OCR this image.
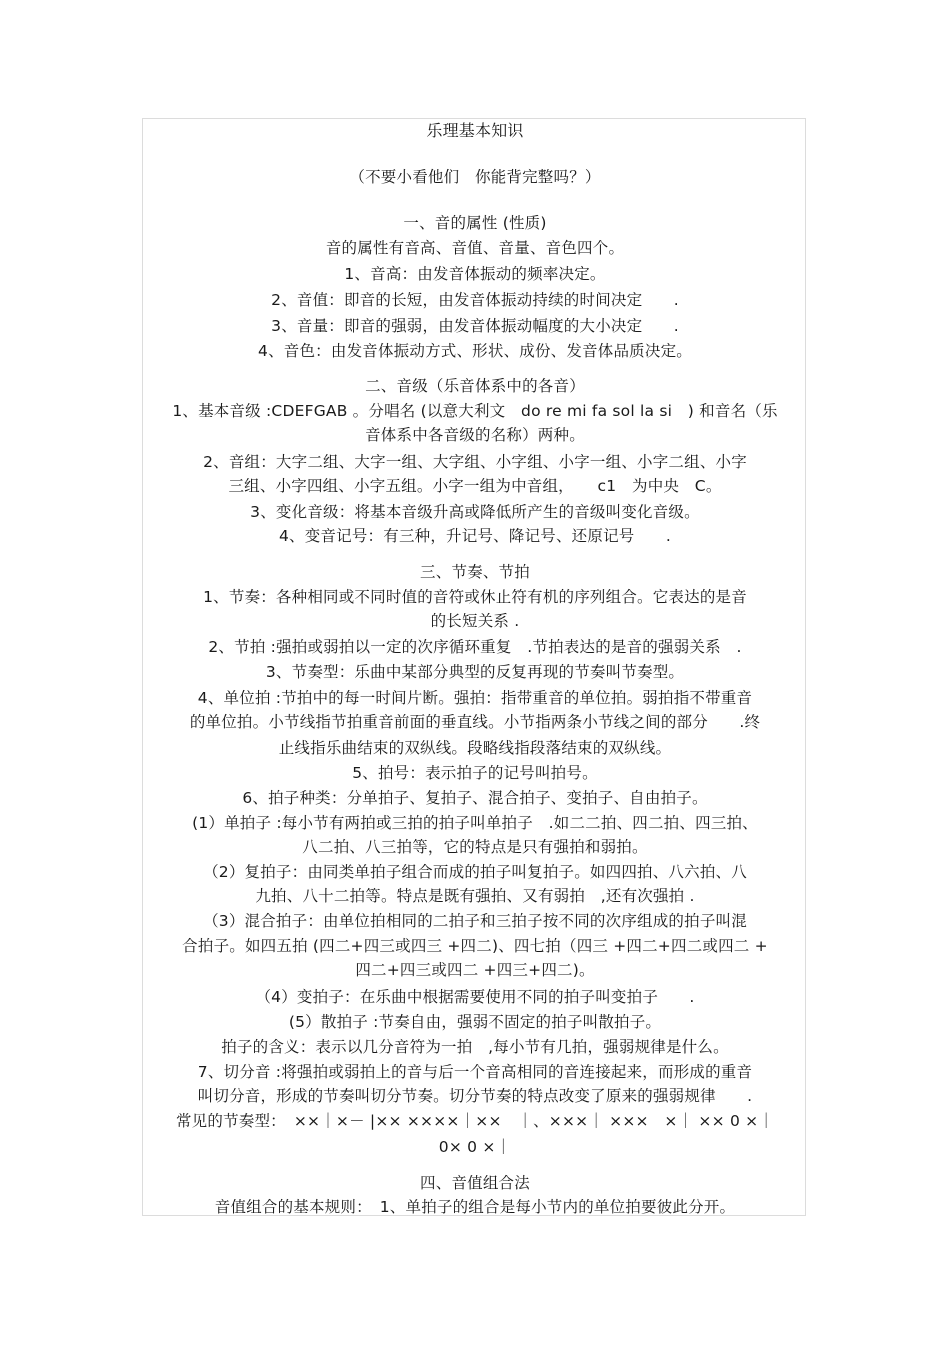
乐理基本知识
（不要小看他们　你能背完整吗？）
一、音的属性 (性质)
音的属性有音高、音值、音量、音色四个。
1、音高：由发音体振动的频率决定。
2、音值：即音的长短，由发音体振动持续的时间决定　　.
3、音量：即音的强弱，由发音体振动幅度的大小决定　　.
4、音色：由发音体振动方式、形状、成份、发音体品质决定。
二、音级（乐音体系中的各音）
1、基本音级 :CDEFGAB 。分唱名 (以意大利文　do re mi fa sol la si　) 和音名（乐
音体系中各音级的名称）两种。
2、音组：大字二组、大字一组、大字组、小字组、小字一组、小字二组、小字
三组、小字四组、小字五组。小字一组为中音组，　　c1　为中央　C。
3、变化音级：将基本音级升高或降低所产生的音级叫变化音级。
4、变音记号：有三种，升记号、降记号、还原记号　　.
三、节奏、节拍
1、节奏：各种相同或不同时值的音符或休止符有机的序列组合。它表达的是音
的长短关系 .
2、节拍 :强拍或弱拍以一定的次序循环重复　.节拍表达的是音的强弱关系　.
3、节奏型：乐曲中某部分典型的反复再现的节奏叫节奏型。
4、单位拍 :节拍中的每一时间片断。强拍：指带重音的单位拍。弱拍指不带重音
的单位拍。小节线指节拍重音前面的垂直线。小节指两条小节线之间的部分　　.终
止线指乐曲结束的双纵线。段略线指段落结束的双纵线。
5、拍号：表示拍子的记号叫拍号。
6、拍子种类：分单拍子、复拍子、混合拍子、变拍子、自由拍子。
(1）单拍子 :每小节有两拍或三拍的拍子叫单拍子　.如二二拍、四二拍、四三拍、
八二拍、八三拍等，它的特点是只有强拍和弱拍。
（2）复拍子：由同类单拍子组合而成的拍子叫复拍子。如四四拍、八六拍、八
九拍、八十二拍等。特点是既有强拍、又有弱拍　,还有次强拍 .
（3）混合拍子：由单位拍相同的二拍子和三拍子按不同的次序组成的拍子叫混
合拍子。如四五拍 (四二+四三或四三 +四二)、四七拍（四三 +四二+四二或四二 +
四二+四三或四二 +四三+四二)。
（4）变拍子：在乐曲中根据需要使用不同的拍子叫变拍子　　.
(5）散拍子 :节奏自由，强弱不固定的拍子叫散拍子。
拍子的含义：表示以几分音符为一拍　,每小节有几拍，强弱规律是什么。
7、切分音 :将强拍或弱拍上的音与后一个音高相同的音连接起来，而形成的重音
叫切分音，形成的节奏叫切分节奏。切分节奏的特点改变了原来的强弱规律　　.
常见的节奏型：　××｜×－ |×× ××××｜××　｜、×××｜ ×××　×｜ ×× 0 ×｜
0× 0 ×｜
四、音值组合法
音值组合的基本规则：　1、单拍子的组合是每小节内的单位拍要彼此分开。
